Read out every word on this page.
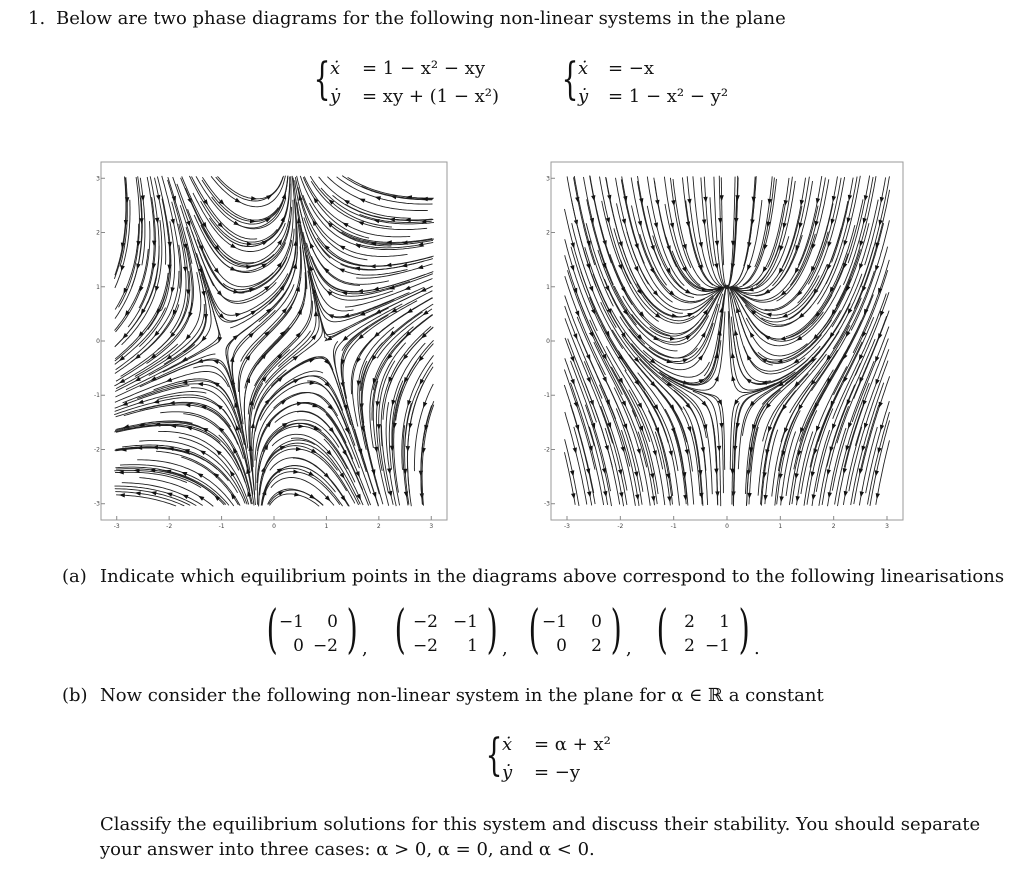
1. Below are two phase diagrams for the following non-linear systems in the plane
{ ẋ = 1 − x² − xy
ẏ = xy + (1 − x²) { ẋ = −x
ẏ = 1 − x² − y²
-3
3
-2
2
-1
1
0
0
1
-1
2
-2
3
-3
-3
3
-2
2
-1
1
0
0
1
-1
2
-2
3
-3
(a) Indicate which equilibrium points in the diagrams above correspond to the following linearisations
( )
−1	0
0 −2 , ( )
−2 −1
−2	1 , ( )
−1	0
0	2 , ( )
2	1
2 −1 .
(b) Now consider the following non-linear system in the plane for α ∈ ℝ a constant
{ ẋ = α + x²
ẏ = −y
Classify the equilibrium solutions for this system and discuss their stability. You should separate
your answer into three cases: α > 0, α = 0, and α < 0.
